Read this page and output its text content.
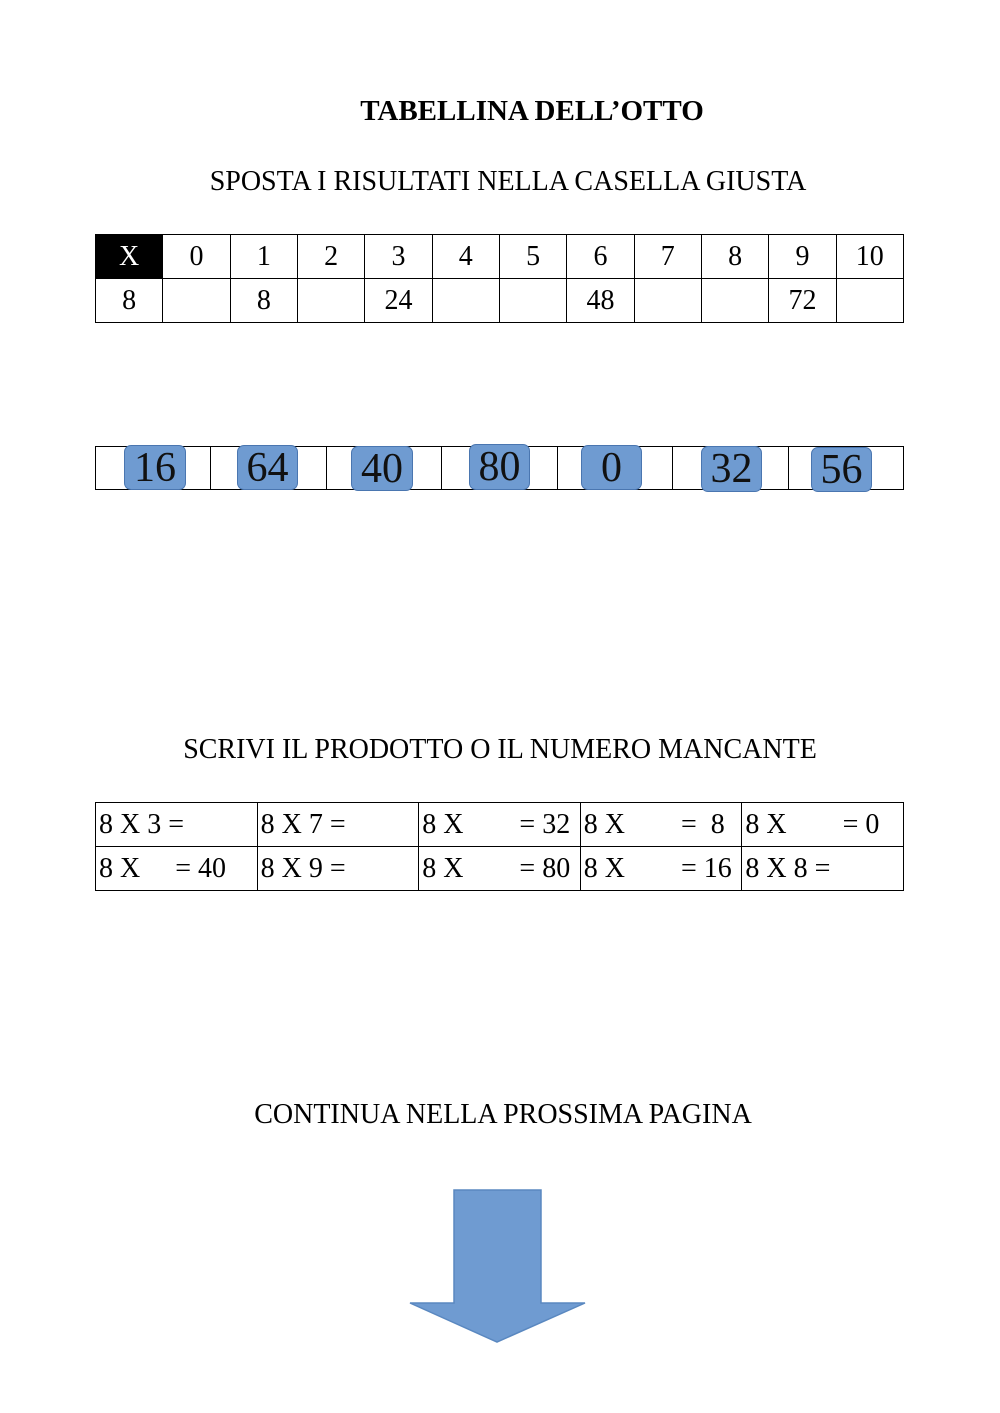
TABELLINA DELL’OTTO
SPOSTA I RISULTATI NELLA CASELLA GIUSTA
X	0	1	2	3	4	5	6	7	8	9	10
8		8		24			48			72	

16 64 40 80	0	32 56
SCRIVI IL PRODOTTO O IL NUMERO MANCANTE
8 X 3 =	8 X 7 =	8 X        = 32	8 X        =  8	8 X        = 0
8 X     = 40	8 X 9 =	8 X        = 80	8 X        = 16	8 X 8 =
CONTINUA NELLA PROSSIMA PAGINA
